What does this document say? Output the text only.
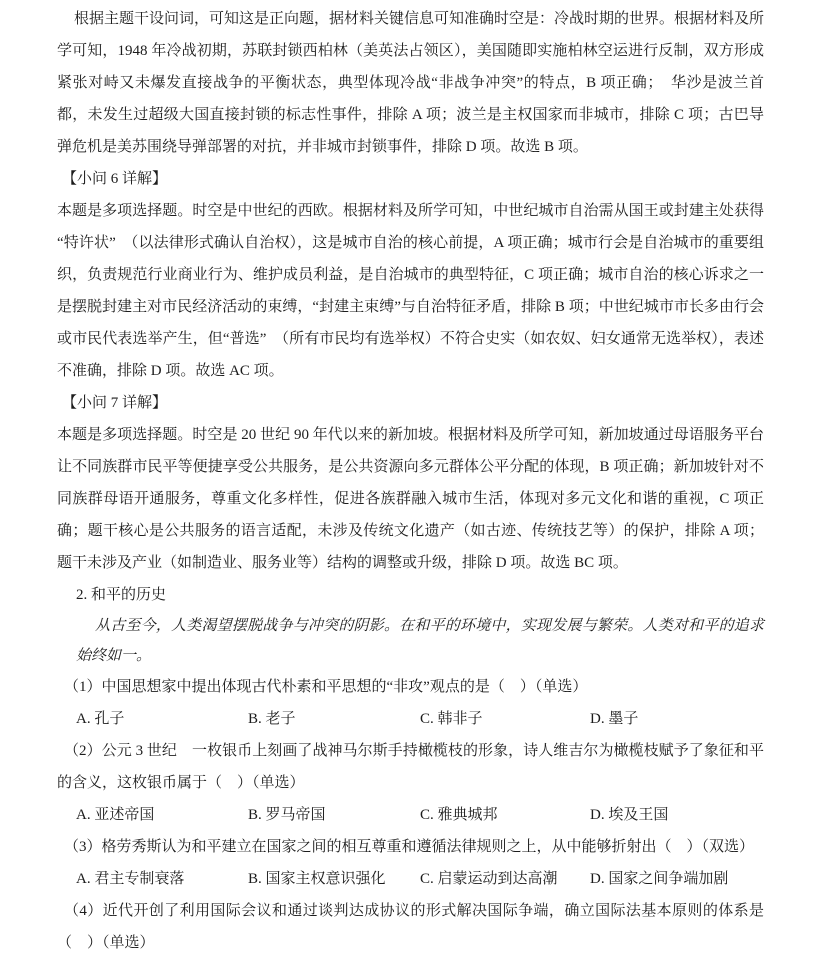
根据主题干设问词，可知这是正向题，据材料关键信息可知准确时空是：冷战时期的世界。根据材料及所学可知，1948 年冷战初期，苏联封锁西柏林（美英法占领区），美国随即实施柏林空运进行反制，双方形成紧张对峙又未爆发直接战争的平衡状态，典型体现冷战“非战争冲突”的特点，B 项正确；　华沙是波兰首都，未发生过超级大国直接封锁的标志性事件，排除 A 项；波兰是主权国家而非城市，排除 C 项；古巴导弹危机是美苏围绕导弹部署的对抗，并非城市封锁事件，排除 D 项。故选 B 项。

【小问 6 详解】

本题是多项选择题。时空是中世纪的西欧。根据材料及所学可知，中世纪城市自治需从国王或封建主处获得“特许状”　（以法律形式确认自治权），这是城市自治的核心前提，A 项正确；城市行会是自治城市的重要组织，负责规范行业商业行为、维护成员利益，是自治城市的典型特征，C 项正确；城市自治的核心诉求之一是摆脱封建主对市民经济活动的束缚，“封建主束缚”与自治特征矛盾，排除 B 项；中世纪城市市长多由行会或市民代表选举产生，但“普选”　（所有市民均有选举权）不符合史实（如农奴、妇女通常无选举权），表述不准确，排除 D 项。故选 AC 项。

【小问 7 详解】

本题是多项选择题。时空是 20 世纪 90 年代以来的新加坡。根据材料及所学可知，新加坡通过母语服务平台让不同族群市民平等便捷享受公共服务，是公共资源向多元群体公平分配的体现，B 项正确；新加坡针对不同族群母语开通服务，尊重文化多样性，促进各族群融入城市生活，体现对多元文化和谐的重视，C 项正确；题干核心是公共服务的语言适配，未涉及传统文化遗产（如古迹、传统技艺等）的保护，排除 A 项；题干未涉及产业（如制造业、服务业等）结构的调整或升级，排除 D 项。故选 BC 项。

2. 和平的历史

从古至今，人类渴望摆脱战争与冲突的阴影。在和平的环境中，实现发展与繁荣。人类对和平的追求始终如一。

（1）中国思想家中提出体现古代朴素和平思想的“非攻”观点的是（　）（单选）

A. 孔子	B. 老子	C. 韩非子	D. 墨子

（2）公元 3 世纪　一枚银币上刻画了战神马尔斯手持橄榄枝的形象，诗人维吉尔为橄榄枝赋予了象征和平的含义，这枚银币属于（　）（单选）

A. 亚述帝国	B. 罗马帝国	C. 雅典城邦	D. 埃及王国

（3）格劳秀斯认为和平建立在国家之间的相互尊重和遵循法律规则之上，从中能够折射出（　）（双选）

A. 君主专制衰落	B. 国家主权意识强化	C. 启蒙运动到达高潮	D. 国家之间争端加剧

（4）近代开创了利用国际会议和通过谈判达成协议的形式解决国际争端，确立国际法基本原则的体系是（　）（单选）
